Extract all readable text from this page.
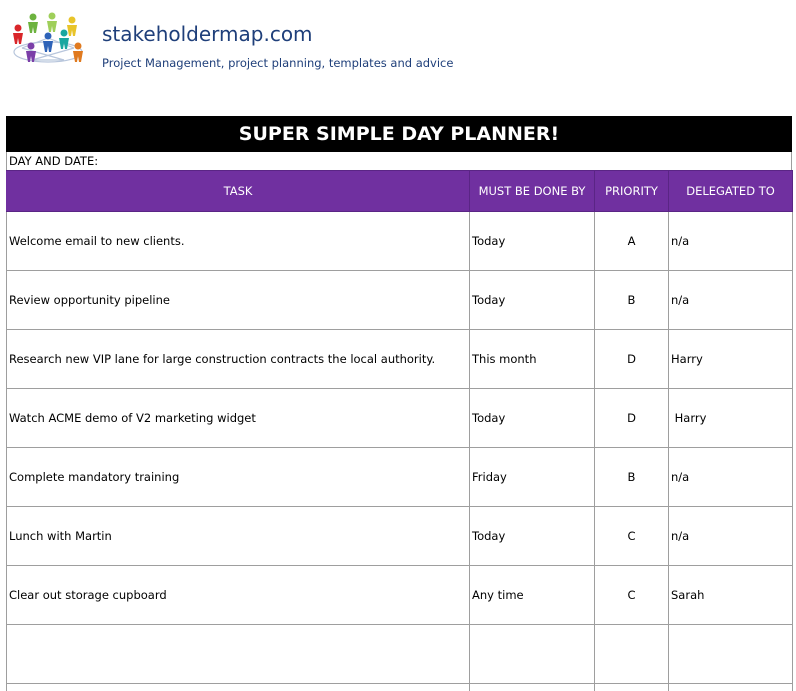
stakeholdermap.com
Project Management, project planning, templates and advice
SUPER SIMPLE DAY PLANNER!
DAY AND DATE:
TASK	MUST BE DONE BY	PRIORITY	DELEGATED TO
Welcome email to new clients.	Today	A	n/a
Review opportunity pipeline	Today	B	n/a
Research new VIP lane for large construction contracts the local authority.	This month	D	Harry
Watch ACME demo of V2 marketing widget	Today	D	Harry
Complete mandatory training	Friday	B	n/a
Lunch with Martin	Today	C	n/a
Clear out storage cupboard	Any time	C	Sarah
